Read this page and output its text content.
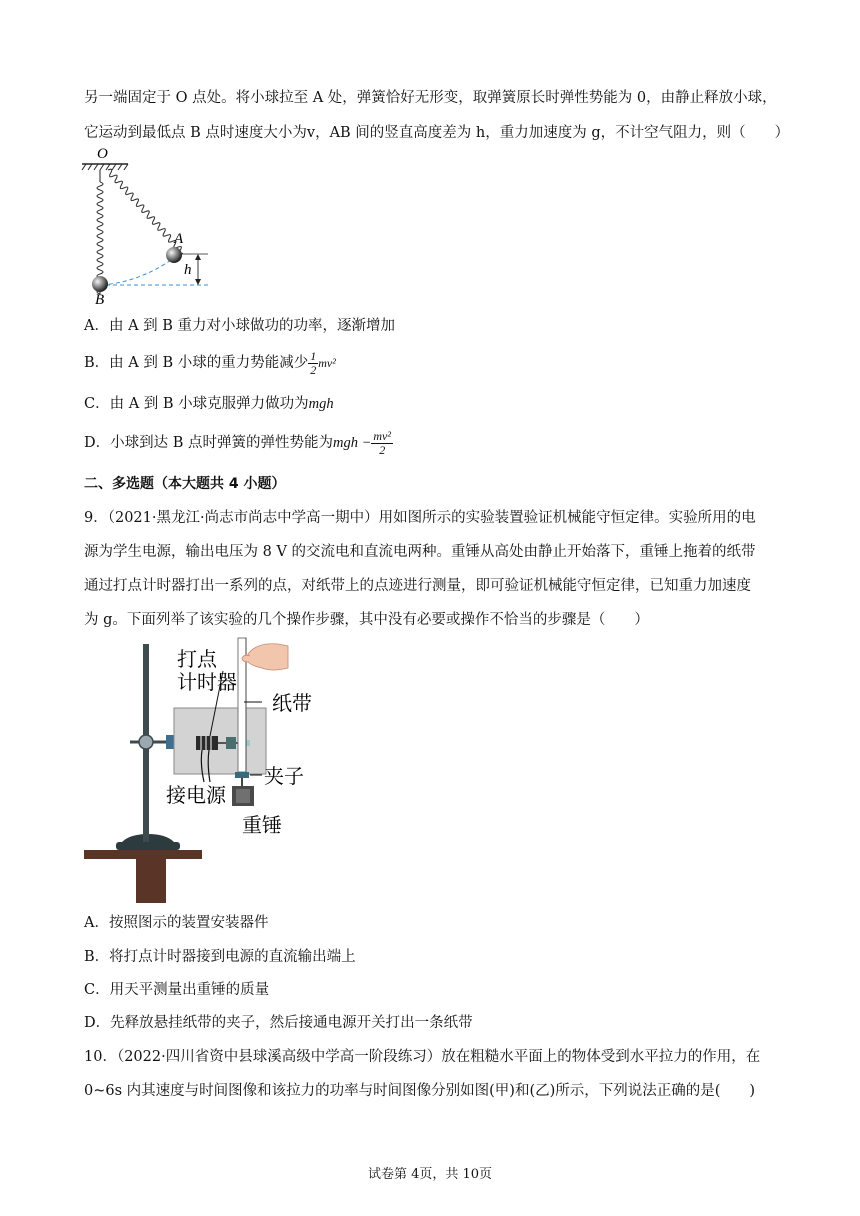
另一端固定于 O 点处。将小球拉至 A 处，弹簧恰好无形变，取弹簧原长时弹性势能为 0，由静止释放小球，
它运动到最低点 B 点时速度大小为v，AB 间的竖直高度差为 h，重力加速度为 g，不计空气阻力，则（　　）
O
h
A
B
A．由 A 到 B 重力对小球做功的功率，逐渐增加
B．由 A 到 B 小球的重力势能减少 $\frac{1}{2} mv^2$
C．由 A 到 B 小球克服弹力做功为mgh
D．小球到达 B 点时弹簧的弹性势能为mgh − $\frac{\text{mv²}}{2}$
二、多选题（本大题共 4 小题）
9．（2021·黑龙江·尚志市尚志中学高一期中）用如图所示的实验装置验证机械能守恒定律。实验所用的电
源为学生电源，输出电压为 8 V 的交流电和直流电两种。重锤从高处由静止开始落下，重锤上拖着的纸带
通过打点计时器打出一系列的点，对纸带上的点迹进行测量，即可验证机械能守恒定律，已知重力加速度
为 g。下面列举了该实验的几个操作步骤，其中没有必要或操作不恰当的步骤是（　　）
打点
计时器
纸带
夹子
接电源
重锤
A．按照图示的装置安装器件
B．将打点计时器接到电源的直流输出端上
C．用天平测量出重锤的质量
D．先释放悬挂纸带的夹子，然后接通电源开关打出一条纸带
10．（2022·四川省资中县球溪高级中学高一阶段练习）放在粗糙水平面上的物体受到水平拉力的作用，在
0~6s 内其速度与时间图像和该拉力的功率与时间图像分别如图(甲)和(乙)所示，下列说法正确的是(　　)
试卷第 4页，共 10页
